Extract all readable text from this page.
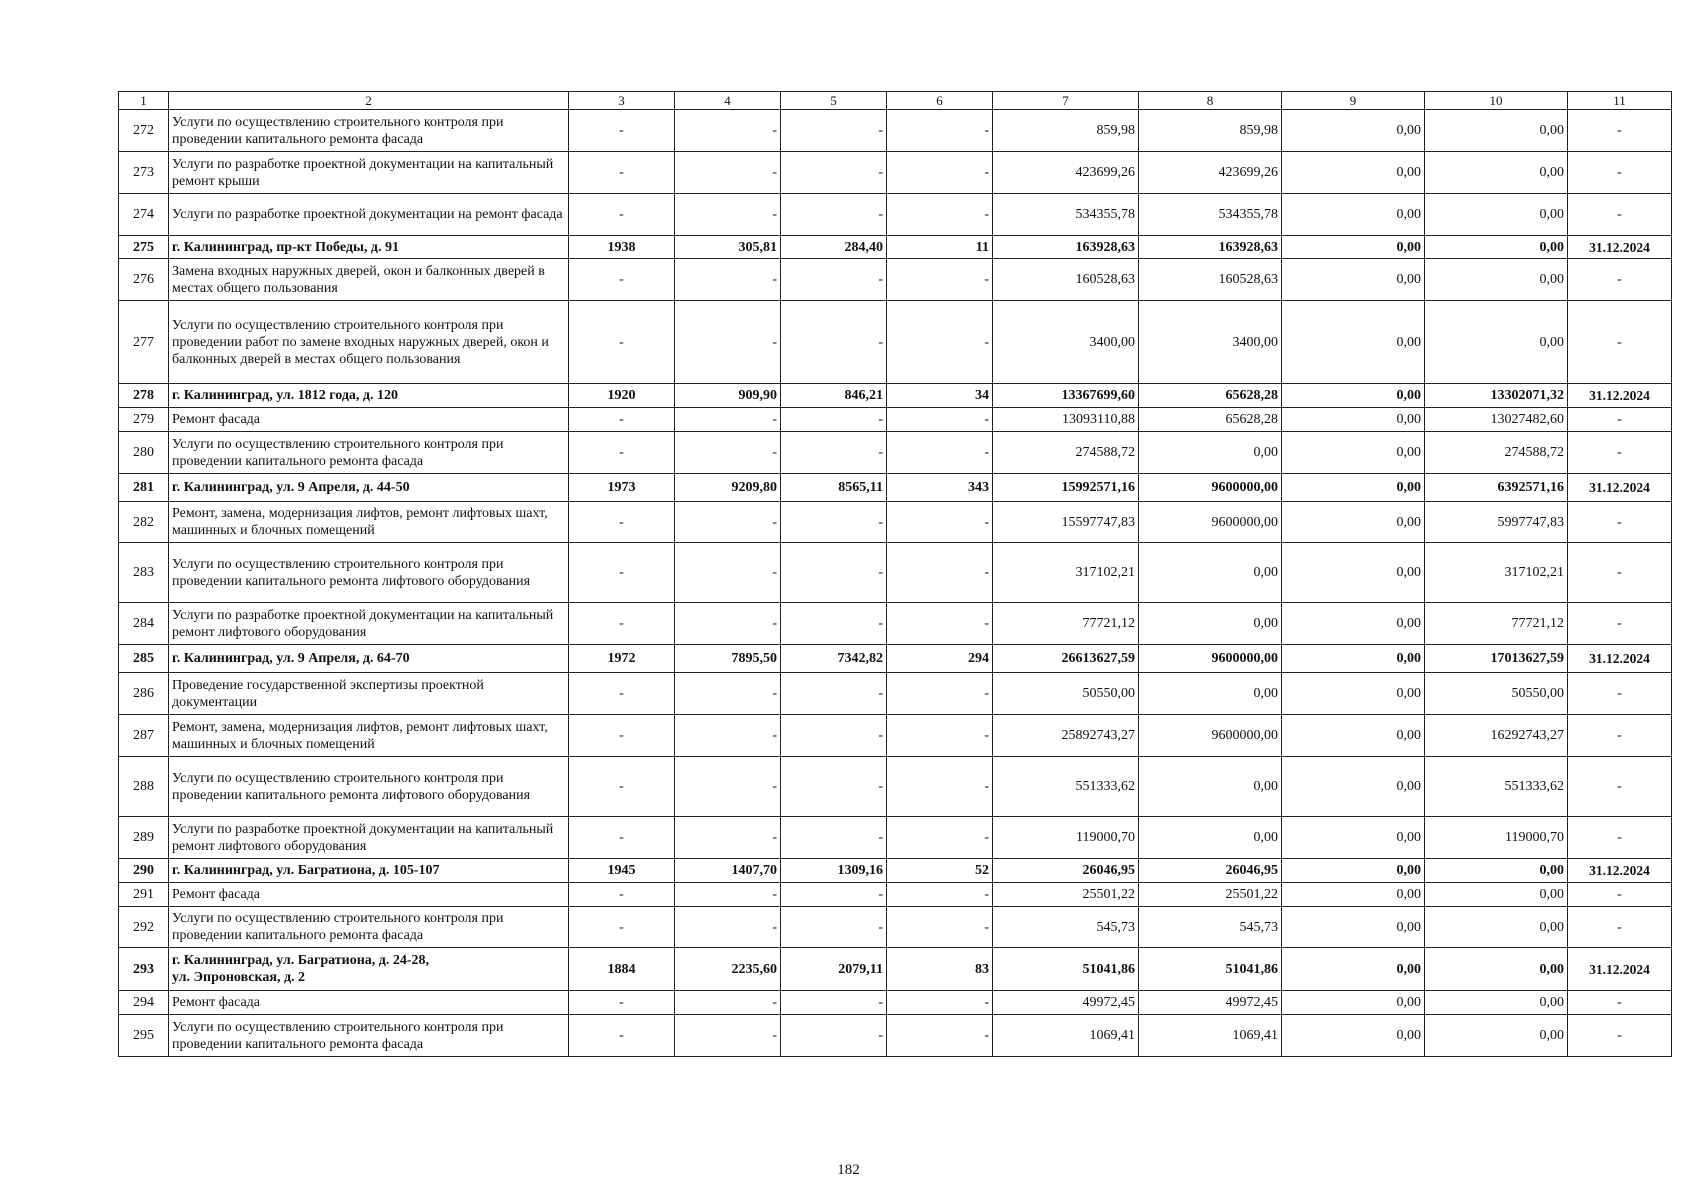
1	2	3	4	5	6	7	8	9	10	11
272	Услуги по осуществлению строительного контроля при проведении капитального ремонта фасада	-	-	-	-	859,98	859,98	0,00	0,00	-
273	Услуги по разработке проектной документации на капитальный ремонт крыши	-	-	-	-	423699,26	423699,26	0,00	0,00	-
274	Услуги по разработке проектной документации на ремонт фасада	-	-	-	-	534355,78	534355,78	0,00	0,00	-
275	г. Калининград, пр-кт Победы, д. 91	1938	305,81	284,40	11	163928,63	163928,63	0,00	0,00	31.12.2024
276	Замена входных наружных дверей, окон и балконных дверей в местах общего пользования	-	-	-	-	160528,63	160528,63	0,00	0,00	-
277	Услуги по осуществлению строительного контроля при проведении работ по замене входных наружных дверей, окон и балконных дверей в местах общего пользования	-	-	-	-	3400,00	3400,00	0,00	0,00	-
278	г. Калининград, ул. 1812 года, д. 120	1920	909,90	846,21	34	13367699,60	65628,28	0,00	13302071,32	31.12.2024
279	Ремонт фасада	-	-	-	-	13093110,88	65628,28	0,00	13027482,60	-
280	Услуги по осуществлению строительного контроля при проведении капитального ремонта фасада	-	-	-	-	274588,72	0,00	0,00	274588,72	-
281	г. Калининград, ул. 9 Апреля, д. 44-50	1973	9209,80	8565,11	343	15992571,16	9600000,00	0,00	6392571,16	31.12.2024
282	Ремонт, замена, модернизация лифтов, ремонт лифтовых шахт, машинных и блочных помещений	-	-	-	-	15597747,83	9600000,00	0,00	5997747,83	-
283	Услуги по осуществлению строительного контроля при проведении капитального ремонта лифтового оборудования	-	-	-	-	317102,21	0,00	0,00	317102,21	-
284	Услуги по разработке проектной документации на капитальный ремонт лифтового оборудования	-	-	-	-	77721,12	0,00	0,00	77721,12	-
285	г. Калининград, ул. 9 Апреля, д. 64-70	1972	7895,50	7342,82	294	26613627,59	9600000,00	0,00	17013627,59	31.12.2024
286	Проведение государственной экспертизы проектной документации	-	-	-	-	50550,00	0,00	0,00	50550,00	-
287	Ремонт, замена, модернизация лифтов, ремонт лифтовых шахт, машинных и блочных помещений	-	-	-	-	25892743,27	9600000,00	0,00	16292743,27	-
288	Услуги по осуществлению строительного контроля при проведении капитального ремонта лифтового оборудования	-	-	-	-	551333,62	0,00	0,00	551333,62	-
289	Услуги по разработке проектной документации на капитальный ремонт лифтового оборудования	-	-	-	-	119000,70	0,00	0,00	119000,70	-
290	г. Калининград, ул. Багратиона, д. 105-107	1945	1407,70	1309,16	52	26046,95	26046,95	0,00	0,00	31.12.2024
291	Ремонт фасада	-	-	-	-	25501,22	25501,22	0,00	0,00	-
292	Услуги по осуществлению строительного контроля при проведении капитального ремонта фасада	-	-	-	-	545,73	545,73	0,00	0,00	-
293	г. Калининград, ул. Багратиона, д. 24-28,
ул. Эпроновская, д. 2	1884	2235,60	2079,11	83	51041,86	51041,86	0,00	0,00	31.12.2024
294	Ремонт фасада	-	-	-	-	49972,45	49972,45	0,00	0,00	-
295	Услуги по осуществлению строительного контроля при проведении капитального ремонта фасада	-	-	-	-	1069,41	1069,41	0,00	0,00	-
182
